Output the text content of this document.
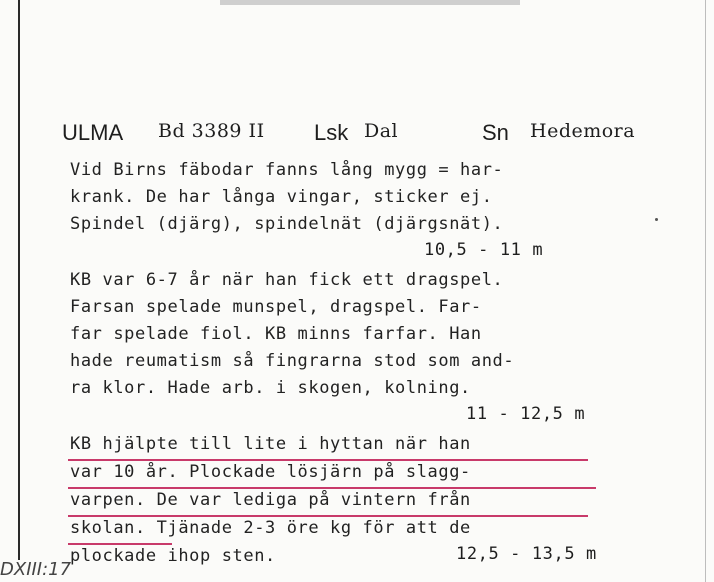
ULMA Bd 3389 II Lsk Dal	Sn Hedemora
Vid Birns fäbodar fanns lång mygg = har-
krank. De har långa vingar, sticker ej.
Spindel (djärg), spindelnät (djärgsnät).
10,5 - 11 m
KB var 6-7 år när han fick ett dragspel.
Farsan spelade munspel, dragspel. Far-
far spelade fiol. KB minns farfar. Han
hade reumatism så fingrarna stod som and-
ra klor. Hade arb. i skogen, kolning.
11 - 12,5 m
KB hjälpte till lite i hyttan när han
var 10 år. Plockade lösjärn på slagg-
varpen. De var lediga på vintern från
skolan. Tjänade 2-3 öre kg för att de
plockade ihop sten.	12,5 - 13,5 m
DXIII:17
